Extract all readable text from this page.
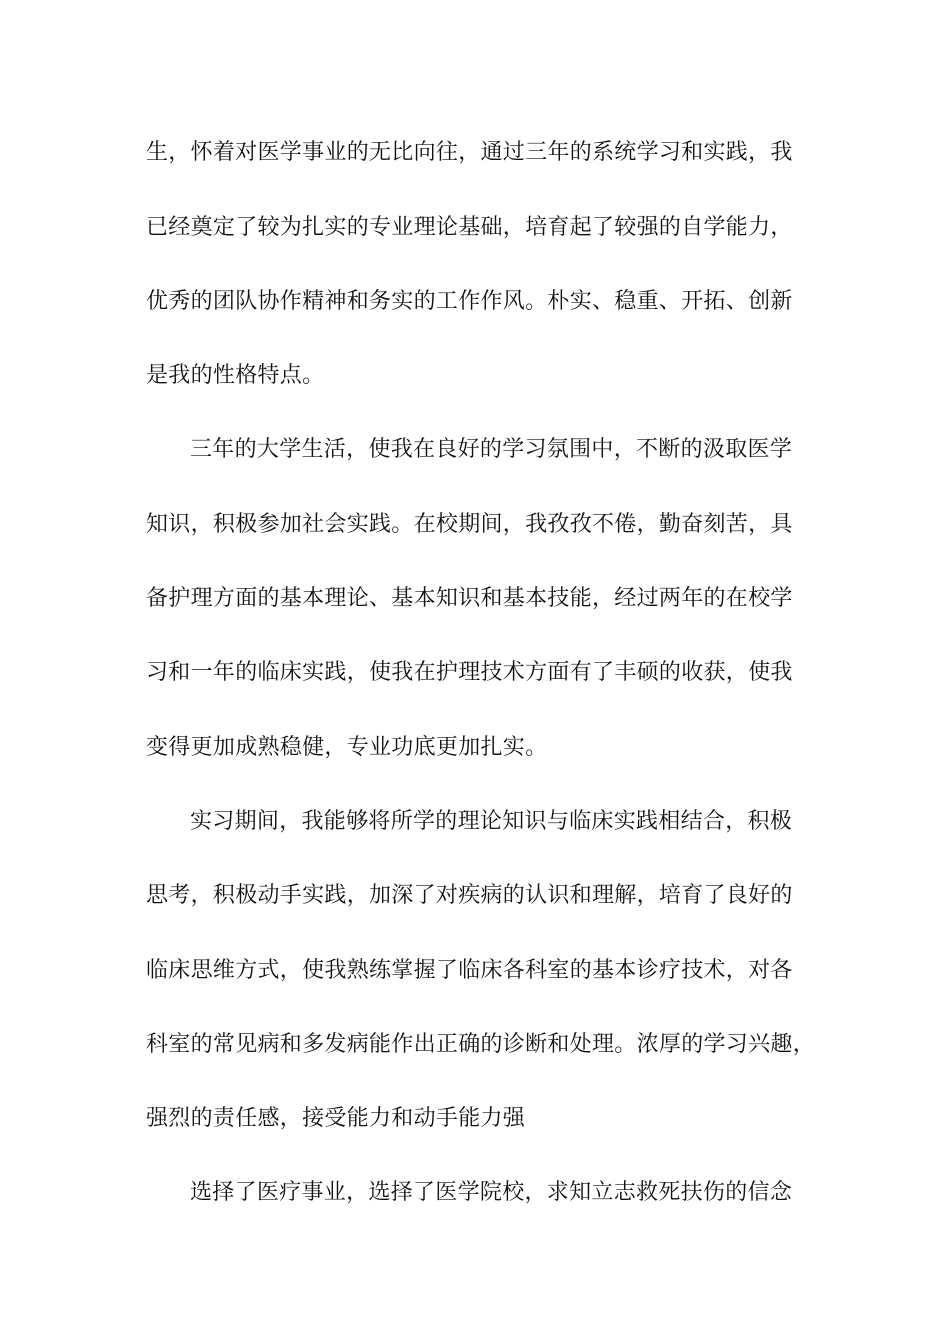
生，怀着对医学事业的无比向往，通过三年的系统学习和实践，我
已经奠定了较为扎实的专业理论基础，培育起了较强的自学能力，
优秀的团队协作精神和务实的工作作风。朴实、稳重、开拓、创新
是我的性格特点。
三年的大学生活，使我在良好的学习氛围中，不断的汲取医学
知识，积极参加社会实践。在校期间，我孜孜不倦，勤奋刻苦，具
备护理方面的基本理论、基本知识和基本技能，经过两年的在校学
习和一年的临床实践，使我在护理技术方面有了丰硕的收获，使我
变得更加成熟稳健，专业功底更加扎实。
实习期间，我能够将所学的理论知识与临床实践相结合，积极
思考，积极动手实践，加深了对疾病的认识和理解，培育了良好的
临床思维方式，使我熟练掌握了临床各科室的基本诊疗技术，对各
科室的常见病和多发病能作出正确的诊断和处理。浓厚的学习兴趣，
强烈的责任感，接受能力和动手能力强
选择了医疗事业，选择了医学院校，求知立志救死扶伤的信念
